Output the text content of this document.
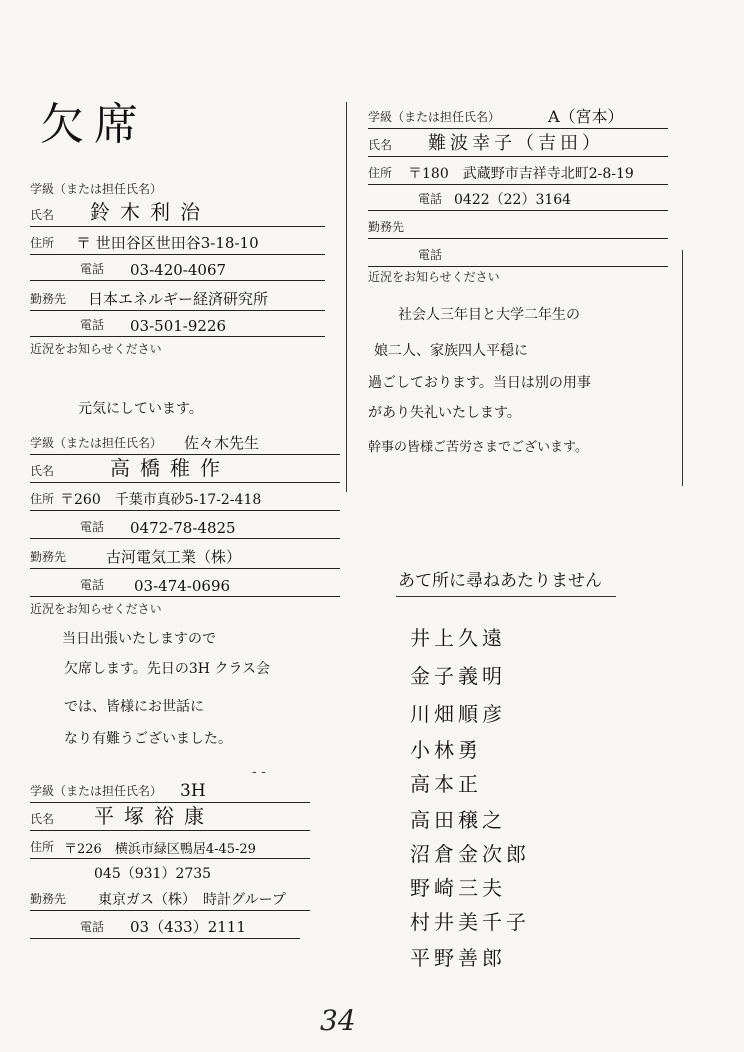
欠席
学級（または担任氏名）
氏名 鈴木利治
住所 〒 世田谷区世田谷3-18-10
電話 03-420-4067
勤務先 日本エネルギー経済研究所
電話 03-501-9226
近況をお知らせください
元気にしています。
学級（または担任氏名） 佐々木先生
氏名	高橋稚作
住所 〒260　千葉市真砂5-17-2-418
電話 0472-78-4825
勤務先	古河電気工業（株）
電話 03-474-0696
近況をお知らせください
当日出張いたしますので
欠席します。先日の3H クラス会
では、皆様にお世話に
なり有難うございました。
- -
学級（または担任氏名） 3H
氏名 平塚裕康
住所 〒226　横浜市緑区鴨居4-45-29
045（931）2735
勤務先 東京ガス（株）　時計グループ
電話 03（433）2111
学級（または担任氏名）	A（宮本）
氏名 難波幸子（吉田）
住所 〒180　武蔵野市吉祥寺北町2-8-19
電話 0422（22）3164
勤務先
電話
近況をお知らせください
社会人三年目と大学二年生の
娘二人、家族四人平穏に
過ごしております。当日は別の用事
があり失礼いたします。
幹事の皆様ご苦労さまでございます。
あて所に尋ねあたりません
井上久遠
金子義明
川畑順彦
小林勇
高本正
高田穣之
沼倉金次郎
野崎三夫
村井美千子
平野善郎
34
